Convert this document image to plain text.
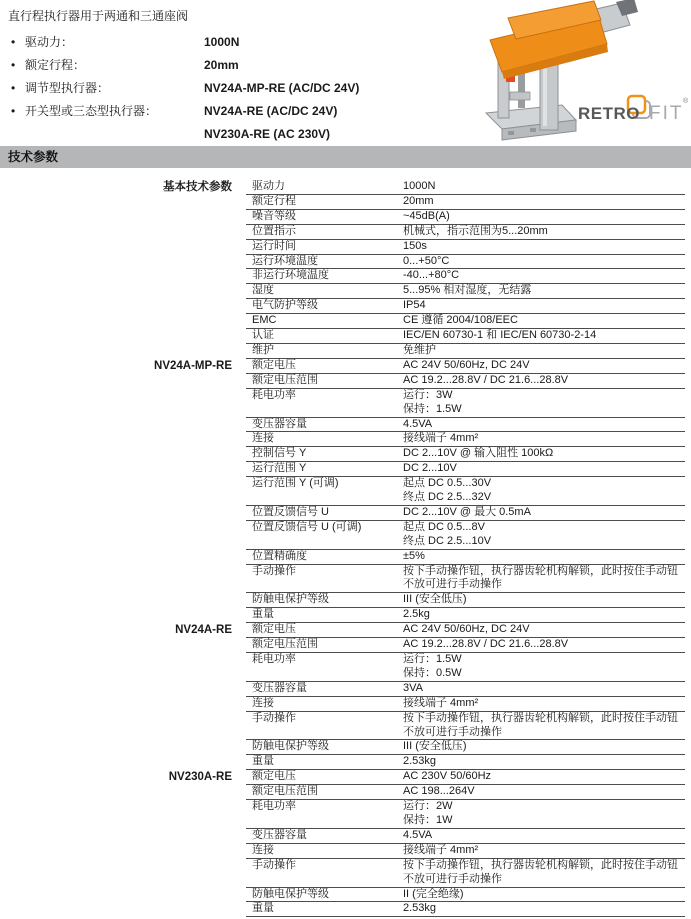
直行程执行器用于两通和三通座阀
• 驱动力：	1000N
• 额定行程：	20mm
• 调节型执行器：	NV24A-MP-RE (AC/DC 24V)
• 开关型或三态型执行器：	NV24A-RE (AC/DC 24V)
NV230A-RE (AC 230V)
RETRO FIT
®
技术参数
基本技术参数	驱动力	1000N
额定行程	20mm
噪音等级	~45dB(A)
位置指示	机械式，指示范围为5...20mm
运行时间	150s
运行环境温度	0...+50°C
非运行环境温度	-40...+80°C
湿度	5...95% 相对湿度，无结露
电气防护等级	IP54
EMC	CE 遵循 2004/108/EEC
认证	IEC/EN 60730-1 和 IEC/EN 60730-2-14
维护	免维护
NV24A-MP-RE	额定电压	AC 24V 50/60Hz, DC 24V
额定电压范围	AC 19.2...28.8V / DC 21.6...28.8V
耗电功率	运行：3W
保持：1.5W
变压器容量	4.5VA
连接	接线端子 4mm²
控制信号 Y	DC 2...10V @ 输入阻性 100kΩ
运行范围 Y	DC 2...10V
运行范围 Y (可调)	起点 DC 0.5...30V
终点 DC 2.5...32V
位置反馈信号 U	DC 2...10V @ 最大 0.5mA
位置反馈信号 U (可调)	起点 DC 0.5...8V
终点 DC 2.5...10V
位置精确度	±5%
手动操作	按下手动操作钮，执行器齿轮机构解锁，此时按住手动钮
不放可进行手动操作
防触电保护等级	III (安全低压)
重量	2.5kg
NV24A-RE	额定电压	AC 24V 50/60Hz, DC 24V
额定电压范围	AC 19.2...28.8V / DC 21.6...28.8V
耗电功率	运行：1.5W
保持：0.5W
变压器容量	3VA
连接	接线端子 4mm²
手动操作	按下手动操作钮，执行器齿轮机构解锁，此时按住手动钮
不放可进行手动操作
防触电保护等级	III (安全低压)
重量	2.53kg
NV230A-RE	额定电压	AC 230V 50/60Hz
额定电压范围	AC 198...264V
耗电功率	运行：2W
保持：1W
变压器容量	4.5VA
连接	接线端子 4mm²
手动操作	按下手动操作钮，执行器齿轮机构解锁，此时按住手动钮
不放可进行手动操作
防触电保护等级	II (完全绝缘)
重量	2.53kg
